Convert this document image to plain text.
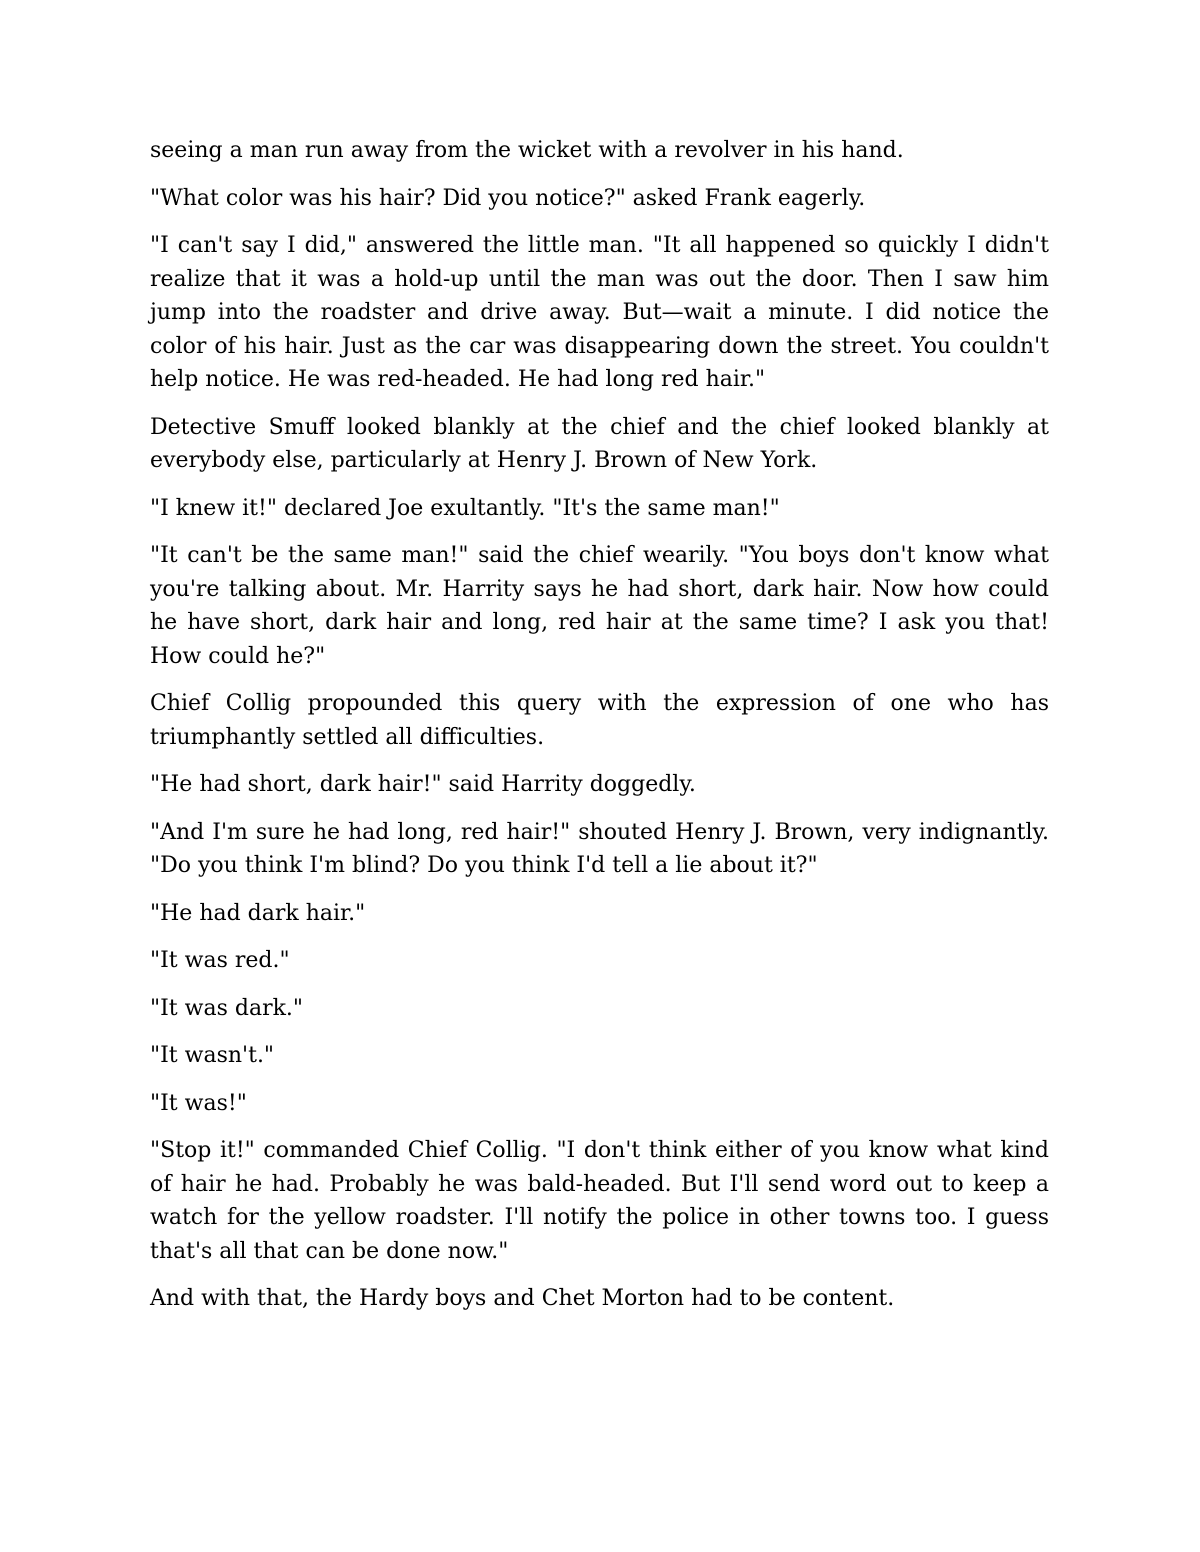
seeing a man run away from the wicket with a revolver in his hand.

"What color was his hair? Did you notice?" asked Frank eagerly.

"I can't say I did," answered the little man. "It all happened so quickly I didn't realize that it was a hold-up until the man was out the door. Then I saw him jump into the roadster and drive away. But—wait a minute. I did notice the color of his hair. Just as the car was disappearing down the street. You couldn't help notice. He was red-headed. He had long red hair."

Detective Smuff looked blankly at the chief and the chief looked blankly at everybody else, particularly at Henry J. Brown of New York.

"I knew it!" declared Joe exultantly. "It's the same man!"

"It can't be the same man!" said the chief wearily. "You boys don't know what you're talking about. Mr. Harrity says he had short, dark hair. Now how could he have short, dark hair and long, red hair at the same time? I ask you that! How could he?"

Chief Collig propounded this query with the expression of one who has triumphantly settled all difficulties.

"He had short, dark hair!" said Harrity doggedly.

"And I'm sure he had long, red hair!" shouted Henry J. Brown, very indignantly. "Do you think I'm blind? Do you think I'd tell a lie about it?"

"He had dark hair."

"It was red."

"It was dark."

"It wasn't."

"It was!"

"Stop it!" commanded Chief Collig. "I don't think either of you know what kind of hair he had. Probably he was bald-headed. But I'll send word out to keep a watch for the yellow roadster. I'll notify the police in other towns too. I guess that's all that can be done now."

And with that, the Hardy boys and Chet Morton had to be content.
